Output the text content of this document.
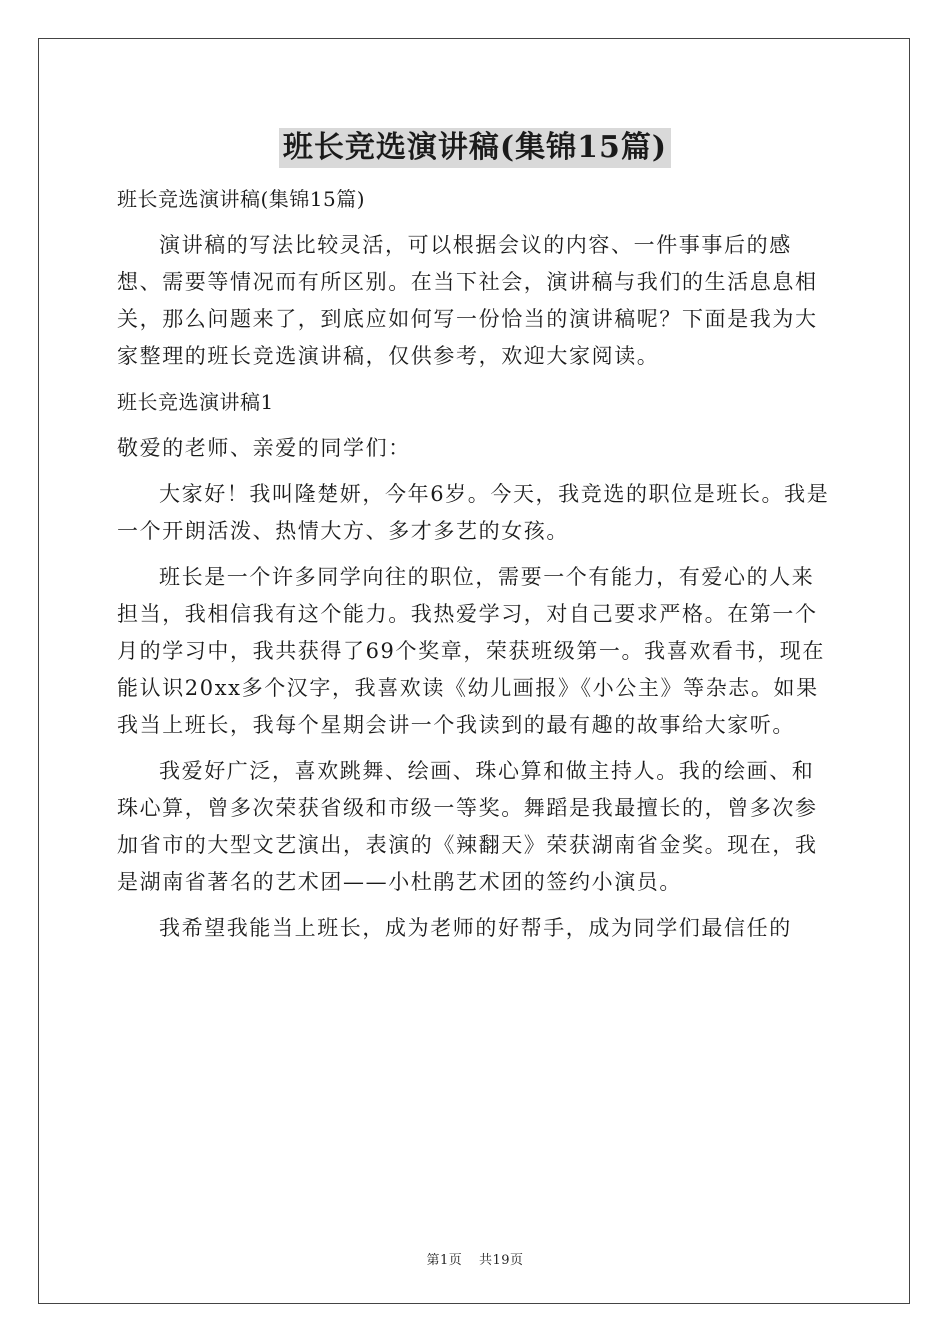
班长竞选演讲稿(集锦15篇)

班长竞选演讲稿(集锦15篇)

演讲稿的写法比较灵活，可以根据会议的内容、一件事事后的感想、需要等情况而有所区别。在当下社会，演讲稿与我们的生活息息相关，那么问题来了，到底应如何写一份恰当的演讲稿呢？下面是我为大家整理的班长竞选演讲稿，仅供参考，欢迎大家阅读。

班长竞选演讲稿1

敬爱的老师、亲爱的同学们：

大家好！我叫隆楚妍，今年6岁。今天，我竞选的职位是班长。我是一个开朗活泼、热情大方、多才多艺的女孩。

班长是一个许多同学向往的职位，需要一个有能力，有爱心的人来担当，我相信我有这个能力。我热爱学习，对自己要求严格。在第一个月的学习中，我共获得了69个奖章，荣获班级第一。我喜欢看书，现在能认识20xx多个汉字，我喜欢读《幼儿画报》《小公主》等杂志。如果我当上班长，我每个星期会讲一个我读到的最有趣的故事给大家听。

我爱好广泛，喜欢跳舞、绘画、珠心算和做主持人。我的绘画、和珠心算，曾多次荣获省级和市级一等奖。舞蹈是我最擅长的，曾多次参加省市的大型文艺演出，表演的《辣翻天》荣获湖南省金奖。现在，我是湖南省著名的艺术团——小杜鹃艺术团的签约小演员。

我希望我能当上班长，成为老师的好帮手，成为同学们最信任的

第1页 共19页
